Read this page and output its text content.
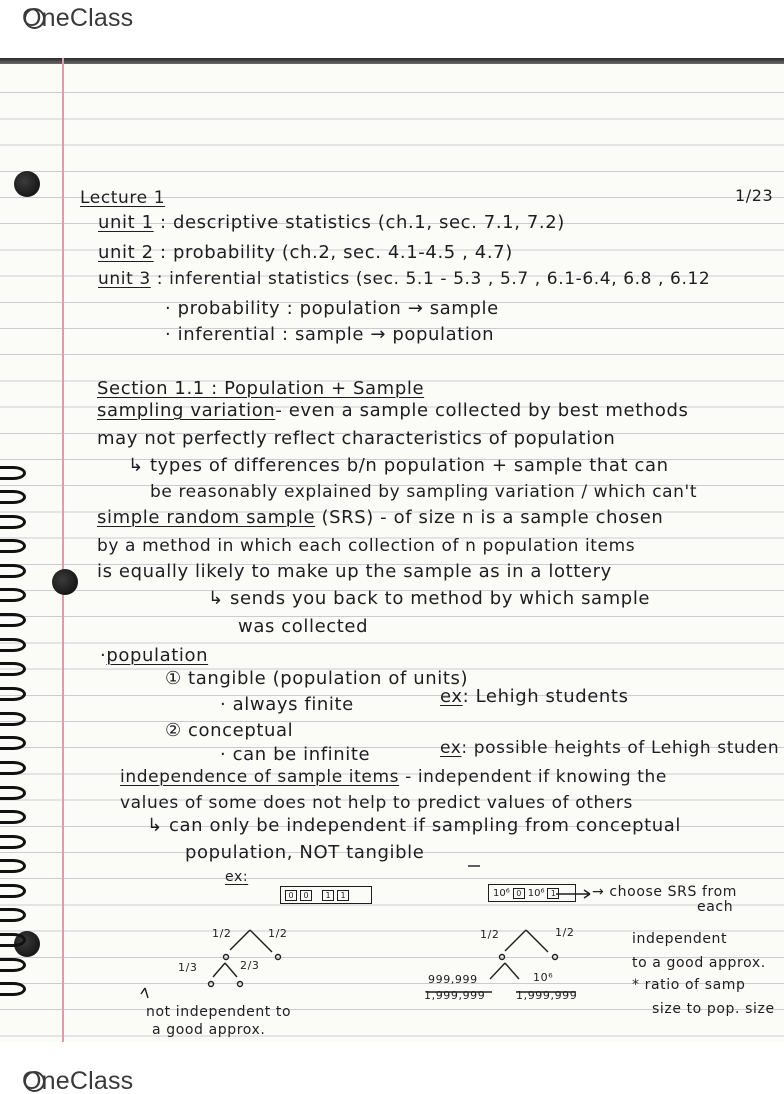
OneClass
Lecture 1	1/23
unit 1 : descriptive statistics (ch.1, sec. 7.1, 7.2)
unit 2 : probability (ch.2, sec. 4.1-4.5 , 4.7)
unit 3 : inferential statistics (sec. 5.1 - 5.3 , 5.7 , 6.1-6.4, 6.8 , 6.12
· probability : population → sample
· inferential : sample → population
Section 1.1 : Population + Sample
sampling variation- even a sample collected by best methods
may not perfectly reflect characteristics of population
↳ types of differences b/n population + sample that can
be reasonably explained by sampling variation / which can't
simple random sample (SRS) - of size n is a sample chosen
by a method in which each collection of n population items
is equally likely to make up the sample as in a lottery
↳ sends you back to method by which sample
was collected
·population
① tangible (population of units)
· always finite	ex: Lehigh students
② conceptual
· can be infinite	ex: possible heights of Lehigh studen
independence of sample items - independent if knowing the
values of some does not help to predict values of others
↳ can only be independent if sampling from conceptual
population, NOT tangible
ex:
0	0	1	1	10⁶ 0 10⁶ 1	→ choose SRS from
each
1/2	1/2
1/3	2/3
1/2	1/2
999,999
1,999,999
10⁶
1,999,999
not independent to
a good approx.
independent
to a good approx.
* ratio of samp
size to pop. size
OneClass
